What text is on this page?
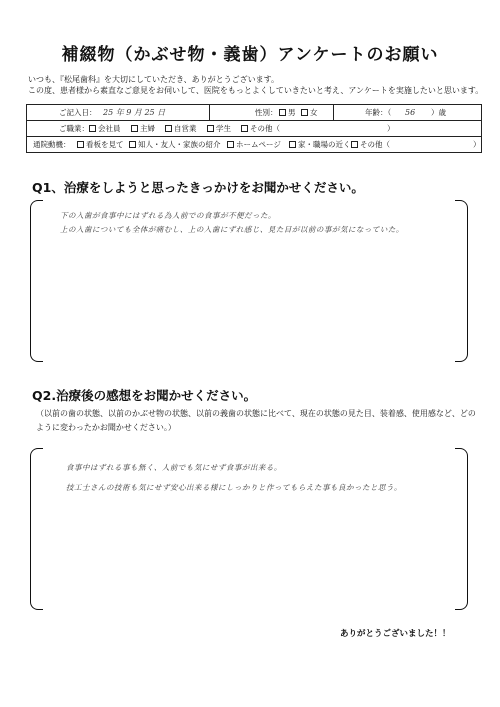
補綴物（かぶせ物・義歯）アンケートのお願い
いつも、『松尾歯科』を大切にしていただき、ありがとうございます。
この度、患者様から素直なご意見をお伺いして、医院をもっとよくしていきたいと考え、アンケートを実施したいと思います。
ご記入日： 25 年 9 月 25 日	性別：	男	女	年齢：（ 56 ）歳
ご職業：	会社員	主婦	自営業	学生	その他（	）
通院動機：	看板を見て	知人・友人・家族の紹介	ホームページ	家・職場の近く	その他（	）
Q1、治療をしようと思ったきっかけをお聞かせください。
下の入歯が食事中にはずれる為人前での食事が不便だった。
上の入歯についても全体が痛むし、上の入歯にずれ感じ、見た目が以前の事が気になっていた。
Q2.治療後の感想をお聞かせください。
（以前の歯の状態、以前のかぶせ物の状態、以前の義歯の状態に比べて、現在の状態の見た目、装着感、使用感など、どのように変わったかお聞かせください。）
食事中はずれる事も無く、人前でも気にせず食事が出来る。
技工士さんの技術も気にせず安心出来る様にしっかりと作ってもらえた事も良かったと思う。
ありがとうございました！！
